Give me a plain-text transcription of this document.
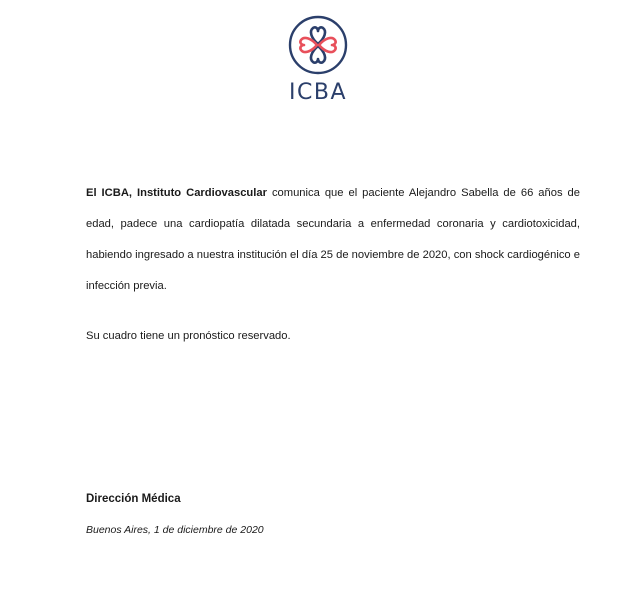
ICBA
El ICBA, Instituto Cardiovascular comunica que el paciente Alejandro Sabella de 66 años de edad, padece una cardiopatía dilatada secundaria a enfermedad coronaria y cardiotoxicidad, habiendo ingresado a nuestra institución el día 25 de noviembre de 2020, con shock cardiogénico e infección previa.
Su cuadro tiene un pronóstico reservado.
Dirección Médica
Buenos Aires, 1 de diciembre de 2020
